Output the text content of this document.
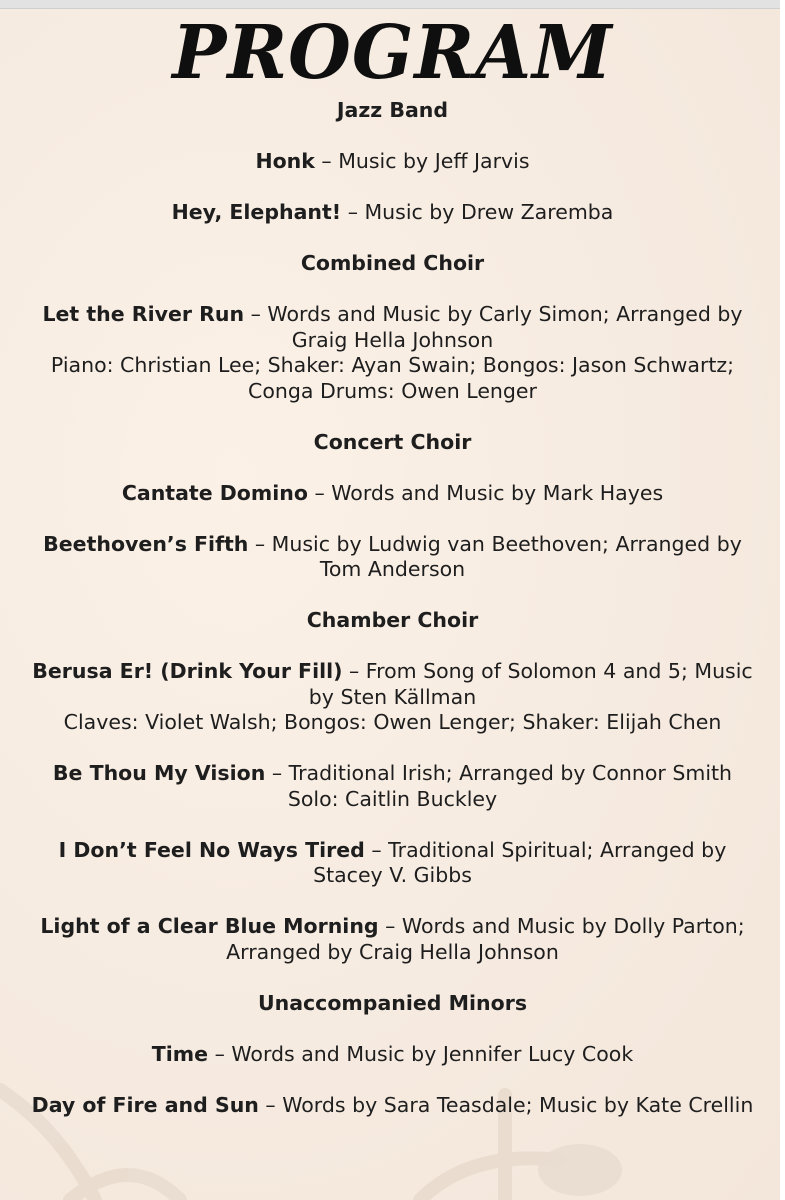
PROGRAM
Jazz Band
Honk – Music by Jeff Jarvis
Hey, Elephant! – Music by Drew Zaremba
Combined Choir
Let the River Run – Words and Music by Carly Simon; Arranged by Graig Hella Johnson
Piano: Christian Lee; Shaker: Ayan Swain; Bongos: Jason Schwartz; Conga Drums: Owen Lenger
Concert Choir
Cantate Domino – Words and Music by Mark Hayes
Beethoven’s Fifth – Music by Ludwig van Beethoven; Arranged by Tom Anderson
Chamber Choir
Berusa Er! (Drink Your Fill) – From Song of Solomon 4 and 5; Music by Sten Källman
Claves: Violet Walsh; Bongos: Owen Lenger; Shaker: Elijah Chen
Be Thou My Vision – Traditional Irish; Arranged by Connor Smith
Solo: Caitlin Buckley
I Don’t Feel No Ways Tired – Traditional Spiritual; Arranged by Stacey V. Gibbs
Light of a Clear Blue Morning – Words and Music by Dolly Parton; Arranged by Craig Hella Johnson
Unaccompanied Minors
Time – Words and Music by Jennifer Lucy Cook
Day of Fire and Sun – Words by Sara Teasdale; Music by Kate Crellin
